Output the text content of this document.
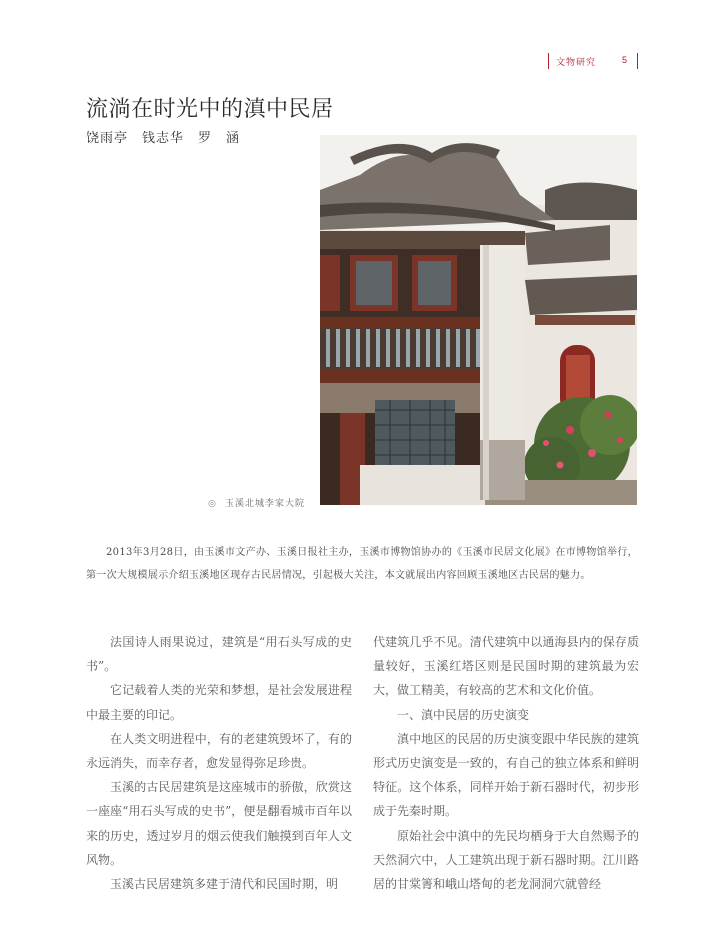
文物研究	5
流淌在时光中的滇中民居
饶雨亭　钱志华　罗　涵
◎ 玉溪北城李家大院

2013年3月28日，由玉溪市文产办、玉溪日报社主办，玉溪市博物馆协办的《玉溪市民居文化展》在市博物馆举行，第一次大规模展示介绍玉溪地区现存古民居情况，引起极大关注，本文就展出内容回顾玉溪地区古民居的魅力。

法国诗人雨果说过，建筑是“用石头写成的史书”。

它记载着人类的光荣和梦想，是社会发展进程中最主要的印记。

在人类文明进程中，有的老建筑毁坏了，有的永远消失，而幸存者，愈发显得弥足珍贵。

玉溪的古民居建筑是这座城市的骄傲，欣赏这一座座“用石头写成的史书”，便是翻看城市百年以来的历史，透过岁月的烟云使我们触摸到百年人文风物。

玉溪古民居建筑多建于清代和民国时期，明

代建筑几乎不见。清代建筑中以通海县内的保存质量较好，玉溪红塔区则是民国时期的建筑最为宏大，做工精美，有较高的艺术和文化价值。

一、滇中民居的历史演变

滇中地区的民居的历史演变跟中华民族的建筑形式历史演变是一致的，有自己的独立体系和鲜明特征。这个体系，同样开始于新石器时代，初步形成于先秦时期。

原始社会中滇中的先民均栖身于大自然赐予的天然洞穴中，人工建筑出现于新石器时期。江川路居的甘棠箐和峨山塔甸的老龙洞洞穴就曾经
